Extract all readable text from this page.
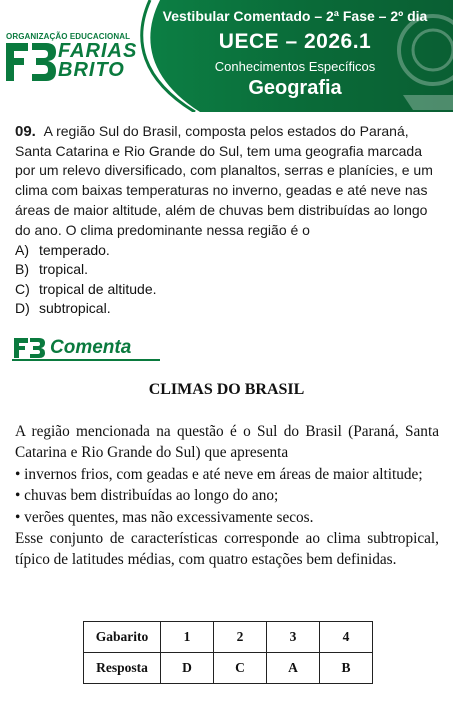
ORGANIZAÇÃO EDUCACIONAL
FARIAS
BRITO
Vestibular Comentado – 2ª Fase – 2º dia
UECE – 2026.1
Conhecimentos Específicos
Geografia
09. A região Sul do Brasil, composta pelos estados do Paraná, Santa Catarina e Rio Grande do Sul, tem uma geografia marcada por um relevo diversificado, com planaltos, serras e planícies, e um clima com baixas temperaturas no inverno, geadas e até neve nas áreas de maior altitude, além de chuvas bem distribuídas ao longo do ano. O clima predominante nessa região é o
A) temperado.
B) tropical.
C) tropical de altitude.
D) subtropical.
Comenta
CLIMAS DO BRASIL

A região mencionada na questão é o Sul do Brasil (Paraná, Santa Catarina e Rio Grande do Sul) que apresenta

• invernos frios, com geadas e até neve em áreas de maior altitude;

• chuvas bem distribuídas ao longo do ano;

• verões quentes, mas não excessivamente secos.

Esse conjunto de características corresponde ao clima subtropical, típico de latitudes médias, com quatro estações bem definidas.

Gabarito	1	2	3	4
Resposta	D	C	A	B
